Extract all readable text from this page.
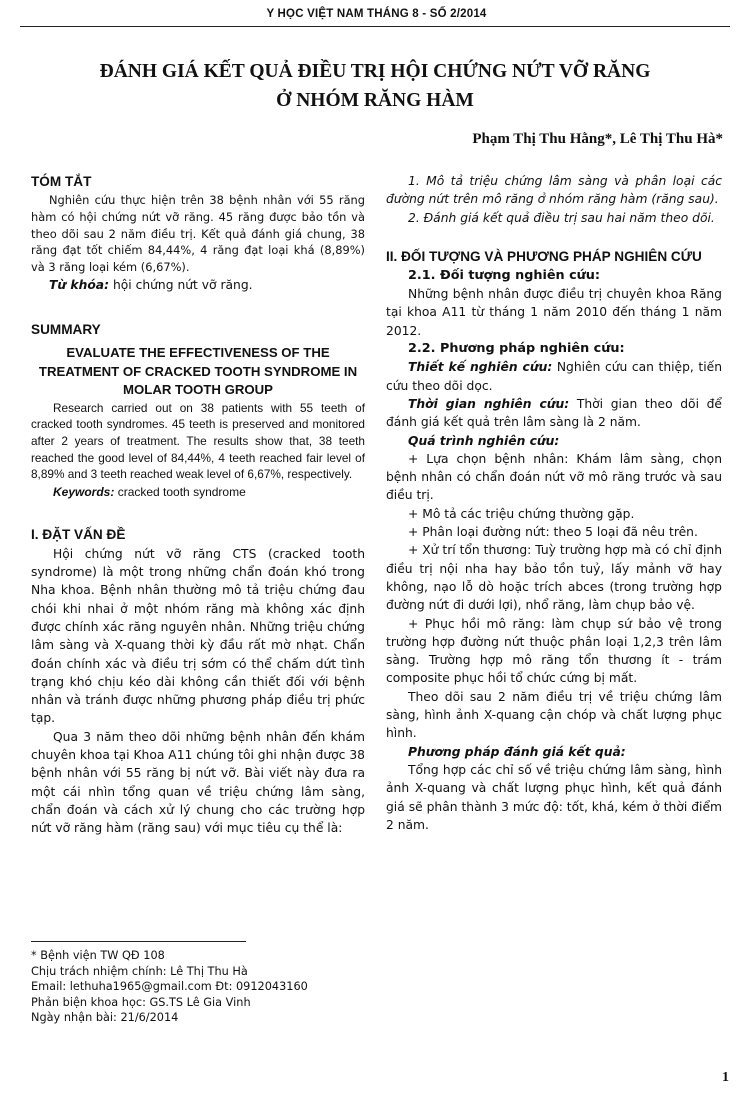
Y HỌC VIỆT NAM THÁNG 8 - SỐ 2/2014
ĐÁNH GIÁ KẾT QUẢ ĐIỀU TRỊ HỘI CHỨNG NỨT VỠ RĂNG
Ở NHÓM RĂNG HÀM
Phạm Thị Thu Hằng*, Lê Thị Thu Hà*
TÓM TẮT

Nghiên cứu thực hiện trên 38 bệnh nhân với 55 răng hàm có hội chứng nứt vỡ răng. 45 răng được bảo tồn và theo dõi sau 2 năm điều trị. Kết quả đánh giá chung, 38 răng đạt tốt chiếm 84,44%, 4 răng đạt loại khá (8,89%) và 3 răng loại kém (6,67%).

Từ khóa: hội chứng nứt vỡ răng.

SUMMARY
EVALUATE THE EFFECTIVENESS OF THE TREATMENT OF CRACKED TOOTH SYNDROME IN MOLAR TOOTH GROUP

Research carried out on 38 patients with 55 teeth of cracked tooth syndromes. 45 teeth is preserved and monitored after 2 years of treatment. The results show that, 38 teeth reached the good level of 84,44%, 4 teeth reached fair level of 8,89% and 3 teeth reached weak level of 6,67%, respectively.

Keywords: cracked tooth syndrome

I. ĐẶT VẤN ĐỀ

Hội chứng nứt vỡ răng CTS (cracked tooth syndrome) là một trong những chẩn đoán khó trong Nha khoa. Bệnh nhân thường mô tả triệu chứng đau chói khi nhai ở một nhóm răng mà không xác định được chính xác răng nguyên nhân. Những triệu chứng lâm sàng và X-quang thời kỳ đầu rất mờ nhạt. Chẩn đoán chính xác và điều trị sớm có thể chấm dứt tình trạng khó chịu kéo dài không cần thiết đối với bệnh nhân và tránh được những phương pháp điều trị phức tạp.

Qua 3 năm theo dõi những bệnh nhân đến khám chuyên khoa tại Khoa A11 chúng tôi ghi nhận được 38 bệnh nhân với 55 răng bị nứt vỡ. Bài viết này đưa ra một cái nhìn tổng quan về triệu chứng lâm sàng, chẩn đoán và cách xử lý chung cho các trường hợp nứt vỡ răng hàm (răng sau) với mục tiêu cụ thể là:

1. Mô tả triệu chứng lâm sàng và phân loại các đường nứt trên mô răng ở nhóm răng hàm (răng sau).

2. Đánh giá kết quả điều trị sau hai năm theo dõi.

II. ĐỐI TƯỢNG VÀ PHƯƠNG PHÁP NGHIÊN CỨU

2.1. Đối tượng nghiên cứu:

Những bệnh nhân được điều trị chuyên khoa Răng tại khoa A11 từ tháng 1 năm 2010 đến tháng 1 năm 2012.

2.2. Phương pháp nghiên cứu:

Thiết kế nghiên cứu: Nghiên cứu can thiệp, tiến cứu theo dõi dọc.

Thời gian nghiên cứu: Thời gian theo dõi để đánh giá kết quả trên lâm sàng là 2 năm.

Quá trình nghiên cứu:

+ Lựa chọn bệnh nhân: Khám lâm sàng, chọn bệnh nhân có chẩn đoán nứt vỡ mô răng trước và sau điều trị.

+ Mô tả các triệu chứng thường gặp.

+ Phân loại đường nứt: theo 5 loại đã nêu trên.

+ Xử trí tổn thương: Tuỳ trường hợp mà có chỉ định điều trị nội nha hay bảo tồn tuỷ, lấy mảnh vỡ hay không, nạo lỗ dò hoặc trích abces (trong trường hợp đường nứt đi dưới lợi), nhổ răng, làm chụp bảo vệ.

+ Phục hồi mô răng: làm chụp sứ bảo vệ trong trường hợp đường nứt thuộc phân loại 1,2,3 trên lâm sàng. Trường hợp mô răng tổn thương ít - trám composite phục hồi tổ chức cứng bị mất.

Theo dõi sau 2 năm điều trị về triệu chứng lâm sàng, hình ảnh X-quang cận chóp và chất lượng phục hình.

Phương pháp đánh giá kết quả:

Tổng hợp các chỉ số về triệu chứng lâm sàng, hình ảnh X-quang và chất lượng phục hình, kết quả đánh giá sẽ phân thành 3 mức độ: tốt, khá, kém ở thời điểm 2 năm.

* Bệnh viện TW QĐ 108
Chịu trách nhiệm chính: Lê Thị Thu Hà
Email: lethuha1965@gmail.com Đt: 0912043160
Phản biện khoa học: GS.TS Lê Gia Vinh
Ngày nhận bài: 21/6/2014
1
